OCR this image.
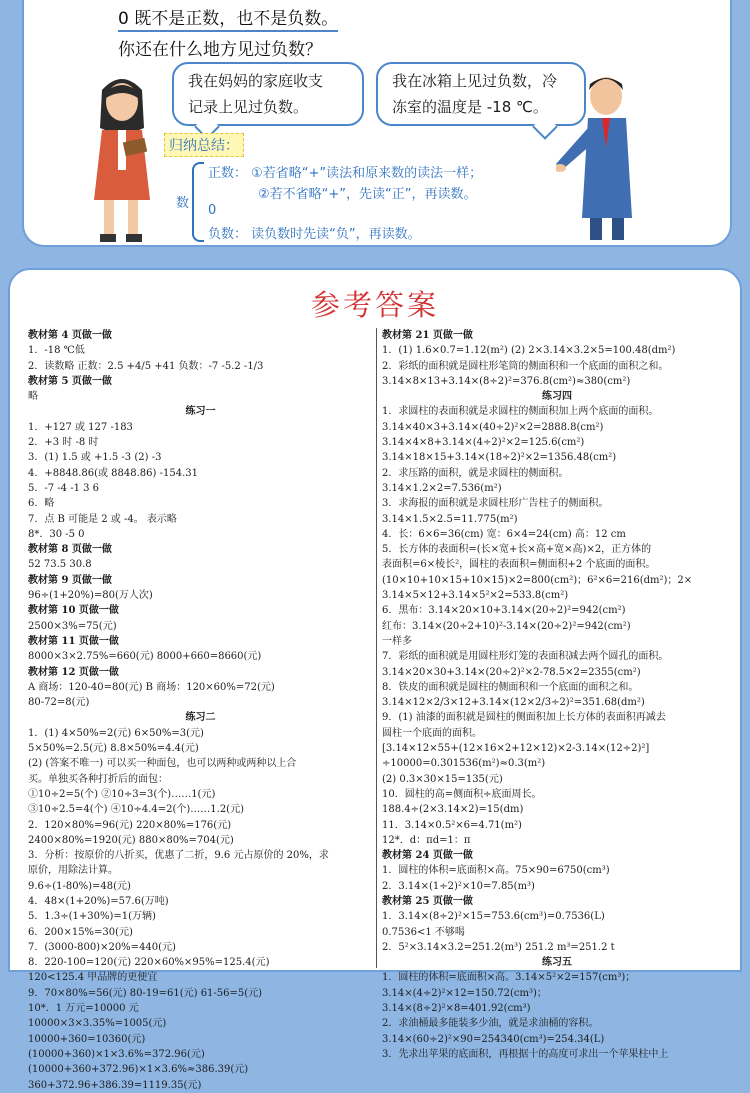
0 既不是正数，也不是负数。
你还在什么地方见过负数？
我在妈妈的家庭收支
记录上见过负数。
我在冰箱上见过负数，冷
冻室的温度是 -18 ℃。
归纳总结：
数
正数： ①若省略“+”读法和原来数的读法一样；
②若不省略“+”，先读“正”，再读数。
0
负数： 读负数时先读“负”，再读数。
参考答案
教材第 4 页做一做
1．-18 ℃低
2．读数略 正数：2.5 +4/5 +41 负数：-7 -5.2 -1/3
教材第 5 页做一做
略
练习一
1．+127 或 127 -183
2．+3 时 -8 时
3．(1) 1.5 或 +1.5 -3 (2) -3
4．+8848.86(或 8848.86) -154.31
5．-7 -4 -1 3 6
6．略
7．点 B 可能是 2 或 -4。 表示略
8*．30 -5 0
教材第 8 页做一做
52 73.5 30.8
教材第 9 页做一做
96÷(1+20%)=80(万人次)
教材第 10 页做一做
2500×3%=75(元)
教材第 11 页做一做
8000×3×2.75%=660(元) 8000+660=8660(元)
教材第 12 页做一做
A 商场：120-40=80(元) B 商场：120×60%=72(元)
80-72=8(元)
练习二
1．(1) 4×50%=2(元) 6×50%=3(元)
5×50%=2.5(元) 8.8×50%=4.4(元)
(2) (答案不唯一) 可以买一种面包，也可以两种或两种以上合
买。单独买各种打折后的面包：
①10÷2=5(个) ②10÷3=3(个)……1(元)
③10÷2.5=4(个) ④10÷4.4=2(个)……1.2(元)
2．120×80%=96(元) 220×80%=176(元)
2400×80%=1920(元) 880×80%=704(元)
3．分析：按原价的八折买，优惠了二折，9.6 元占原价的 20%，求
原价，用除法计算。
9.6÷(1-80%)=48(元)
4．48×(1+20%)=57.6(万吨)
5．1.3÷(1+30%)=1(万辆)
6．200×15%=30(元)
7．(3000-800)×20%=440(元)
8．220-100=120(元) 220×60%×95%=125.4(元)
120<125.4 甲品牌的更便宜
9．70×80%=56(元) 80-19=61(元) 61-56=5(元)
10*．1 万元=10000 元
10000×3×3.35%=1005(元)
10000+360=10360(元)
(10000+360)×1×3.6%=372.96(元)
(10000+360+372.96)×1×3.6%≈386.39(元)
360+372.96+386.39=1119.35(元)
教材第 21 页做一做
1．(1) 1.6×0.7=1.12(m²) (2) 2×3.14×3.2×5=100.48(dm²)
2．彩纸的面积就是圆柱形笔筒的侧面积和一个底面的面积之和。
3.14×8×13+3.14×(8÷2)²=376.8(cm²)≈380(cm²)
练习四
1．求圆柱的表面积就是求圆柱的侧面积加上两个底面的面积。
3.14×40×3+3.14×(40÷2)²×2=2888.8(cm²)
3.14×4×8+3.14×(4÷2)²×2=125.6(cm²)
3.14×18×15+3.14×(18÷2)²×2=1356.48(cm²)
2．求压路的面积，就是求圆柱的侧面积。
3.14×1.2×2=7.536(m²)
3．求海报的面积就是求圆柱形广告柱子的侧面积。
3.14×1.5×2.5=11.775(m²)
4．长：6×6=36(cm) 宽：6×4=24(cm) 高：12 cm
5．长方体的表面积=(长×宽+长×高+宽×高)×2，正方体的
表面积=6×棱长²，圆柱的表面积=侧面积+2 个底面的面积。
(10×10+10×15+10×15)×2=800(cm²)；6²×6=216(dm²)；2×
3.14×5×12+3.14×5²×2=533.8(cm²)
6．黑布：3.14×20×10+3.14×(20÷2)²=942(cm²)
红布：3.14×(20÷2+10)²-3.14×(20÷2)²=942(cm²)
一样多
7．彩纸的面积就是用圆柱形灯笼的表面积减去两个圆孔的面积。
3.14×20×30+3.14×(20÷2)²×2-78.5×2=2355(cm²)
8．铁皮的面积就是圆柱的侧面积和一个底面的面积之和。
3.14×12×2/3×12+3.14×(12×2/3÷2)²=351.68(dm²)
9．(1) 油漆的面积就是圆柱的侧面积加上长方体的表面积再减去
圆柱一个底面的面积。
[3.14×12×55+(12×16×2+12×12)×2-3.14×(12÷2)²]
÷10000=0.301536(m²)≈0.3(m²)
(2) 0.3×30×15=135(元)
10．圆柱的高=侧面积÷底面周长。
188.4÷(2×3.14×2)=15(dm)
11．3.14×0.5²×6=4.71(m²)
12*．d：πd=1：π
教材第 24 页做一做
1．圆柱的体积=底面积×高。75×90=6750(cm³)
2．3.14×(1÷2)²×10=7.85(m³)
教材第 25 页做一做
1．3.14×(8÷2)²×15=753.6(cm³)=0.7536(L)
0.7536<1 不够喝
2．5²×3.14×3.2=251.2(m³) 251.2 m³=251.2 t
练习五
1．圆柱的体积=底面积×高。3.14×5²×2=157(cm³)；
3.14×(4÷2)²×12=150.72(cm³)；
3.14×(8÷2)²×8=401.92(cm³)
2．求油桶最多能装多少油，就是求油桶的容积。
3.14×(60÷2)²×90=254340(cm³)=254.34(L)
3．先求出苹果的底面积，再根据十的高度可求出一个苹果柱中上
